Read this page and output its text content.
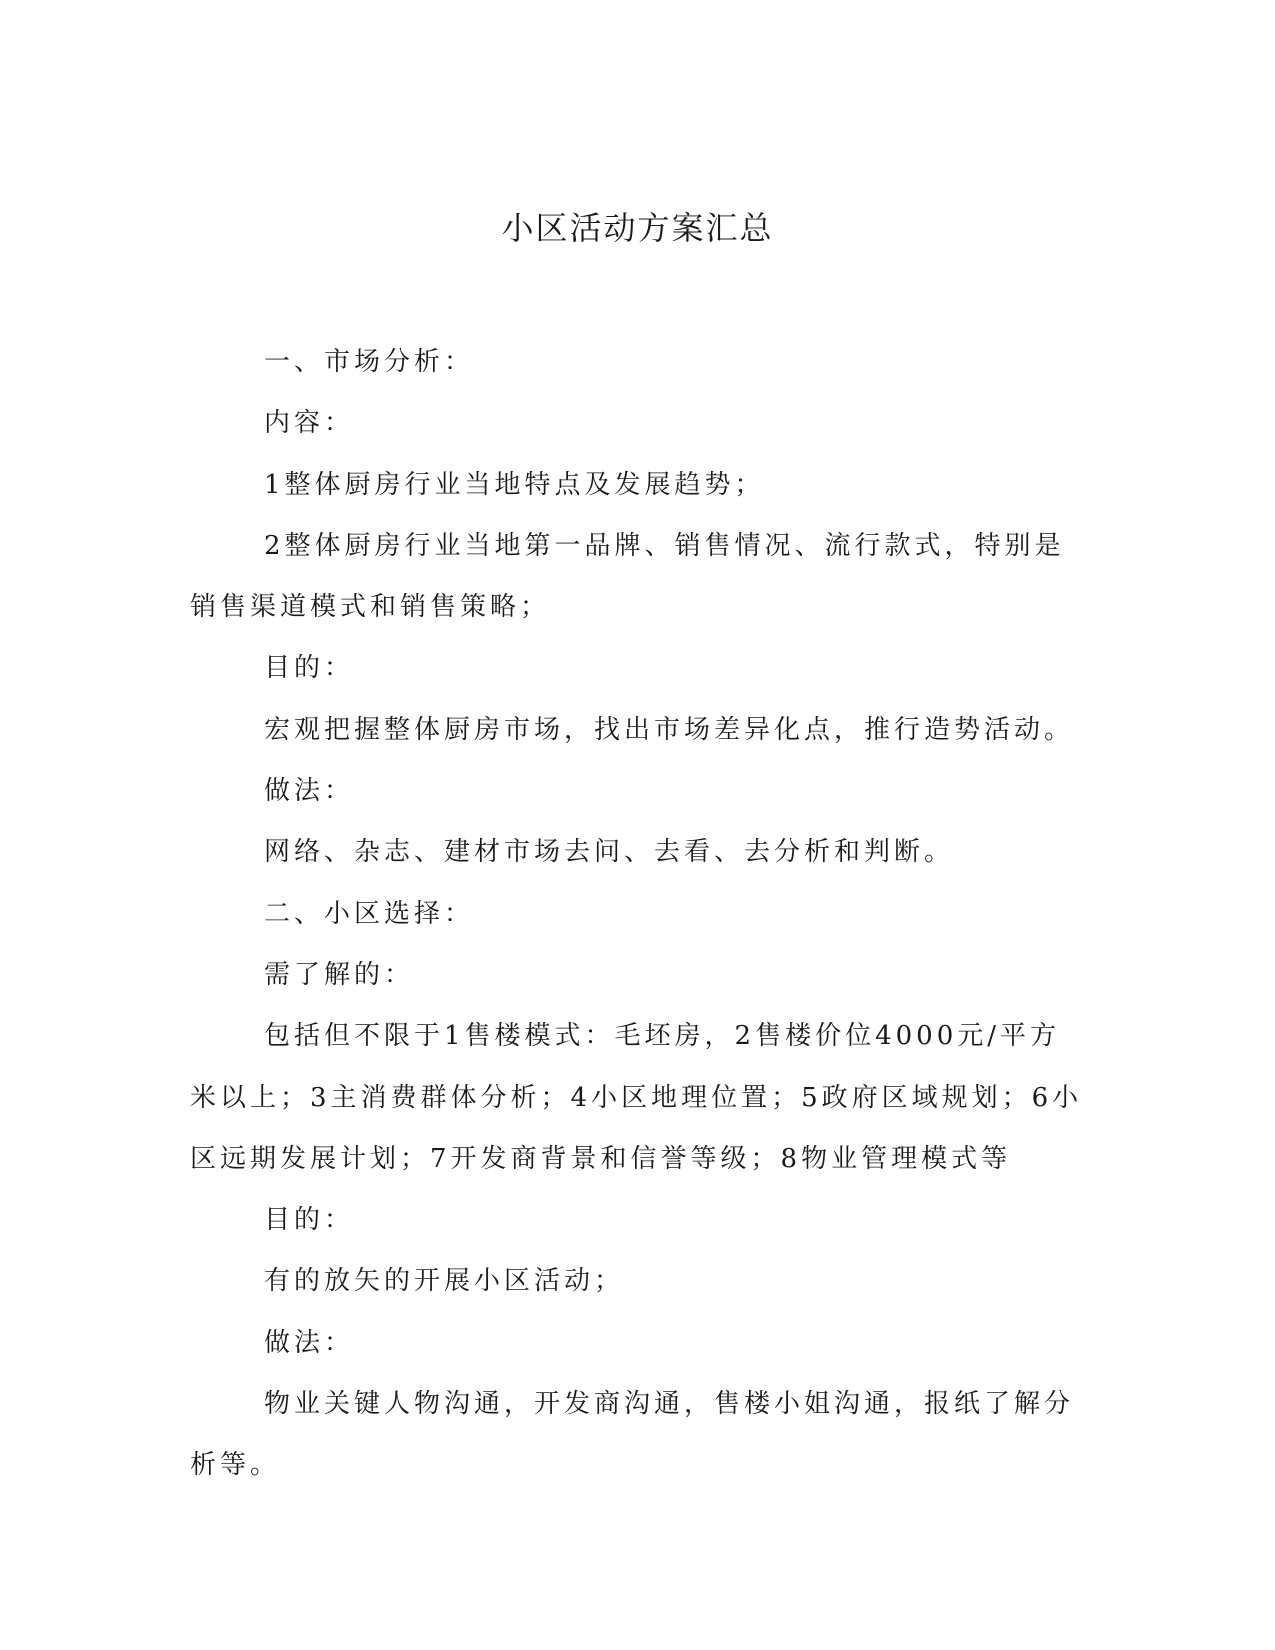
小区活动方案汇总

一、市场分析：

内容：

1整体厨房行业当地特点及发展趋势；

2整体厨房行业当地第一品牌、销售情况、流行款式，特别是销售渠道模式和销售策略；

目的：

宏观把握整体厨房市场，找出市场差异化点，推行造势活动。

做法：

网络、杂志、建材市场去问、去看、去分析和判断。

二、小区选择：

需了解的：

包括但不限于1售楼模式：毛坯房，2售楼价位4000元/平方米以上；3主消费群体分析；4小区地理位置；5政府区域规划；6小区远期发展计划；7开发商背景和信誉等级；8物业管理模式等

目的：

有的放矢的开展小区活动；

做法：

物业关键人物沟通，开发商沟通，售楼小姐沟通，报纸了解分析等。
